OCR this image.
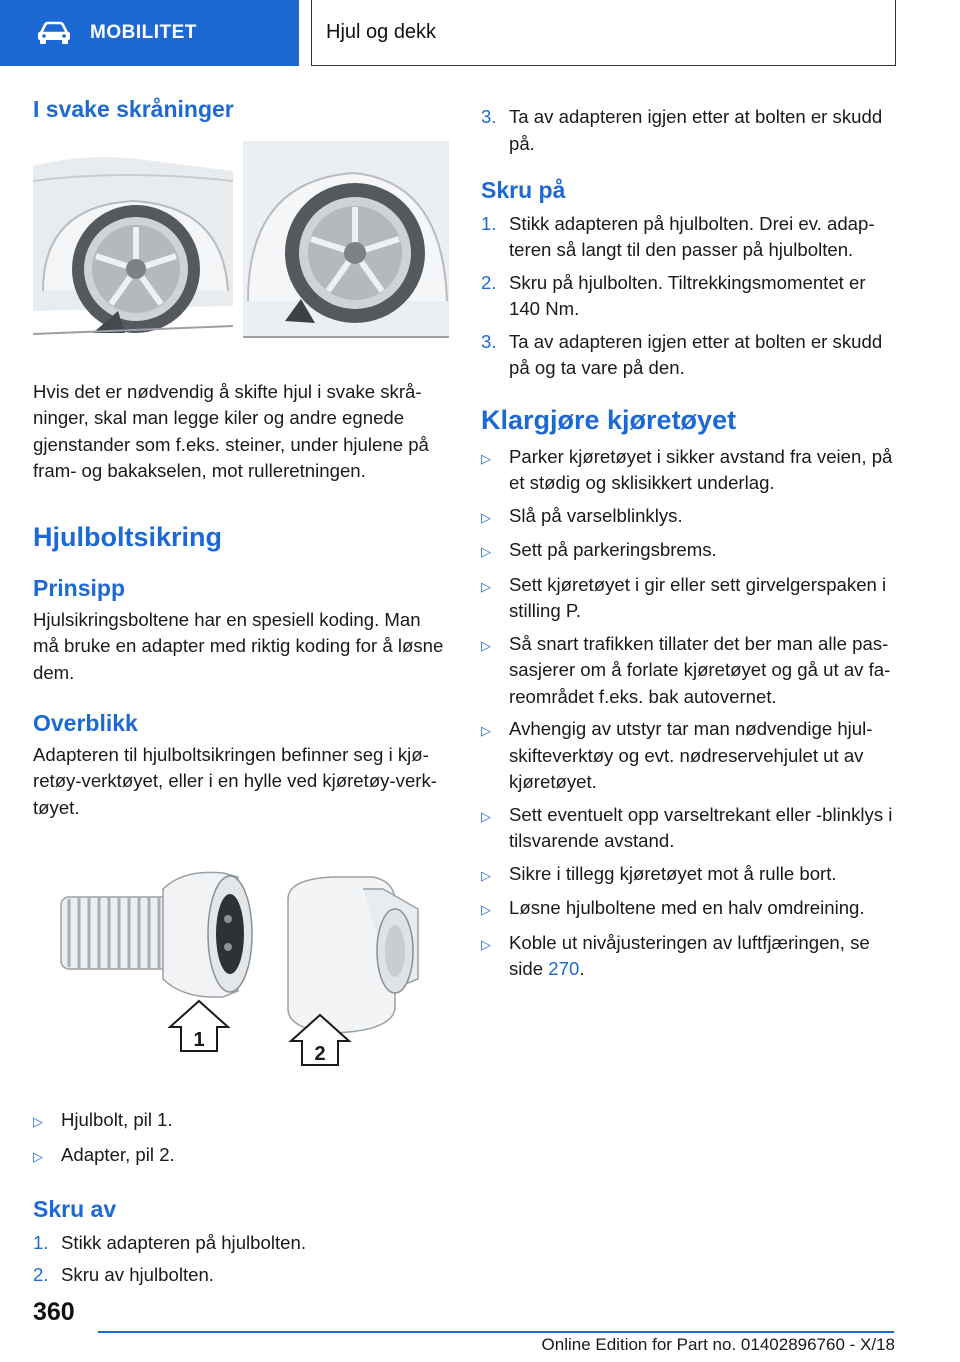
MOBILITET	Hjul og dekk
I svake skråninger

Hvis det er nødvendig å skifte hjul i svake skråninger, skal man legge kiler og andre egnede gjenstander som f.eks. steiner, under hjulene på fram- og bakakselen, mot rulleretningen.

Hjulboltsikring
Prinsipp

Hjulsikringsboltene har en spesiell koding. Man må bruke en adapter med riktig koding for å løsne dem.

Overblikk

Adapteren til hjulboltsikringen befinner seg i kjøretøy-verktøyet, eller i en hylle ved kjøretøy-verktøyet.

1
2
▷ Hjulbolt, pil 1.
▷ Adapter, pil 2.
Skru av
1. Stikk adapteren på hjulbolten.
2. Skru av hjulbolten.
3. Ta av adapteren igjen etter at bolten er skudd på.
Skru på
1. Stikk adapteren på hjulbolten. Drei ev. adapteren så langt til den passer på hjulbolten.
2. Skru på hjulbolten. Tiltrekkingsmomentet er 140 Nm.
3. Ta av adapteren igjen etter at bolten er skudd på og ta vare på den.
Klargjøre kjøretøyet
▷ Parker kjøretøyet i sikker avstand fra veien, på et stødig og sklisikkert underlag.
▷ Slå på varselblinklys.
▷ Sett på parkeringsbrems.
▷ Sett kjøretøyet i gir eller sett girvelgerspaken i stilling P.
▷ Så snart trafikken tillater det ber man alle passasjerer om å forlate kjøretøyet og gå ut av fareområdet f.eks. bak autovernet.
▷ Avhengig av utstyr tar man nødvendige hjulskifteverktøy og evt. nødreservehjulet ut av kjøretøyet.
▷ Sett eventuelt opp varseltrekant eller -blinklys i tilsvarende avstand.
▷ Sikre i tillegg kjøretøyet mot å rulle bort.
▷ Løsne hjulboltene med en halv omdreining.
▷ Koble ut nivåjusteringen av luftfjæringen, se side 270.
360
Online Edition for Part no. 01402896760 - X/18
